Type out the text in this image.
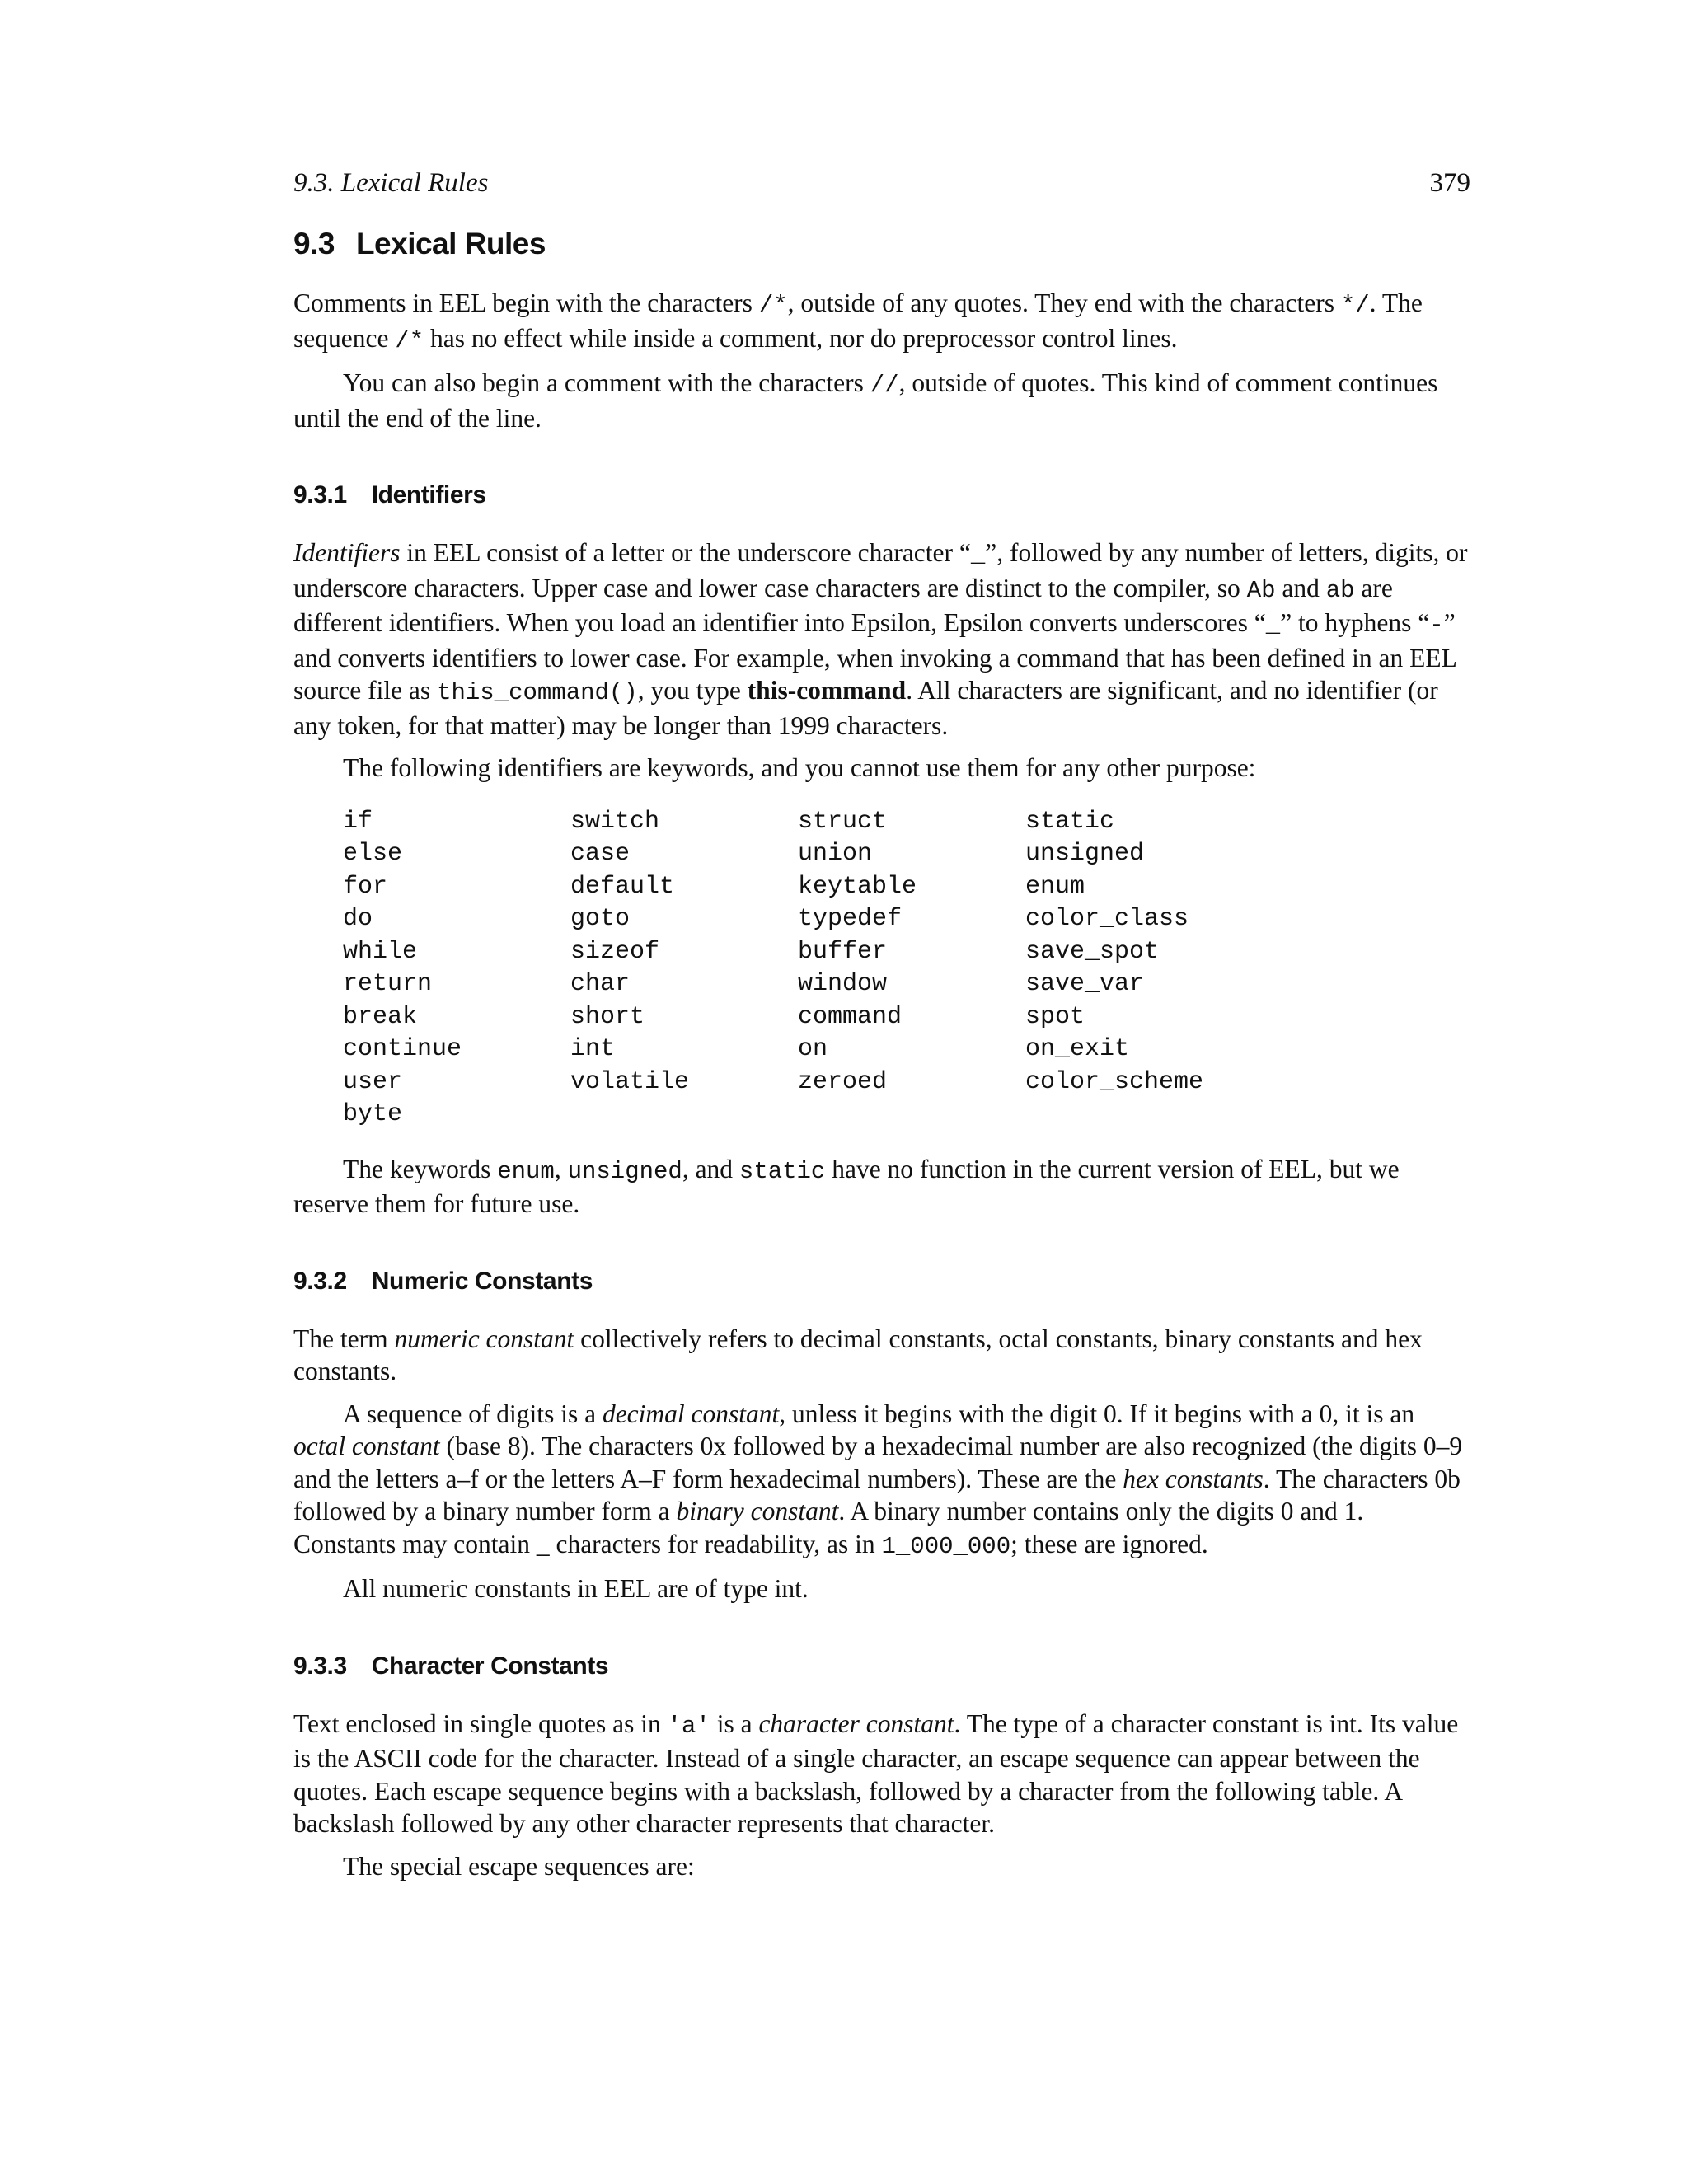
9.3. Lexical Rules	379
9.3 Lexical Rules

Comments in EEL begin with the characters /*, outside of any quotes. They end with the characters */. The sequence /* has no effect while inside a comment, nor do preprocessor control lines.

You can also begin a comment with the characters //, outside of quotes. This kind of comment continues until the end of the line.

9.3.1 Identifiers

Identifiers in EEL consist of a letter or the underscore character “_”, followed by any number of letters, digits, or underscore characters. Upper case and lower case characters are distinct to the compiler, so Ab and ab are different identifiers. When you load an identifier into Epsilon, Epsilon converts underscores “_” to hyphens “-” and converts identifiers to lower case. For example, when invoking a command that has been defined in an EEL source file as this_command(), you type this-command. All characters are significant, and no identifier (or any token, for that matter) may be longer than 1999 characters.

The following identifiers are keywords, and you cannot use them for any other purpose:

if	switch	struct	static
else	case	union	unsigned
for	default	keytable	enum
do	goto	typedef	color_class
while	sizeof	buffer	save_spot
return	char	window	save_var
break	short	command	spot
continue	int	on	on_exit
user	volatile	zeroed	color_scheme
byte

The keywords enum, unsigned, and static have no function in the current version of EEL, but we reserve them for future use.

9.3.2 Numeric Constants

The term numeric constant collectively refers to decimal constants, octal constants, binary constants and hex constants.

A sequence of digits is a decimal constant, unless it begins with the digit 0. If it begins with a 0, it is an octal constant (base 8). The characters 0x followed by a hexadecimal number are also recognized (the digits 0–9 and the letters a–f or the letters A–F form hexadecimal numbers). These are the hex constants. The characters 0b followed by a binary number form a binary constant. A binary number contains only the digits 0 and 1. Constants may contain _ characters for readability, as in 1_000_000; these are ignored.

All numeric constants in EEL are of type int.

9.3.3 Character Constants

Text enclosed in single quotes as in 'a' is a character constant. The type of a character constant is int. Its value is the ASCII code for the character. Instead of a single character, an escape sequence can appear between the quotes. Each escape sequence begins with a backslash, followed by a character from the following table. A backslash followed by any other character represents that character.

The special escape sequences are:
